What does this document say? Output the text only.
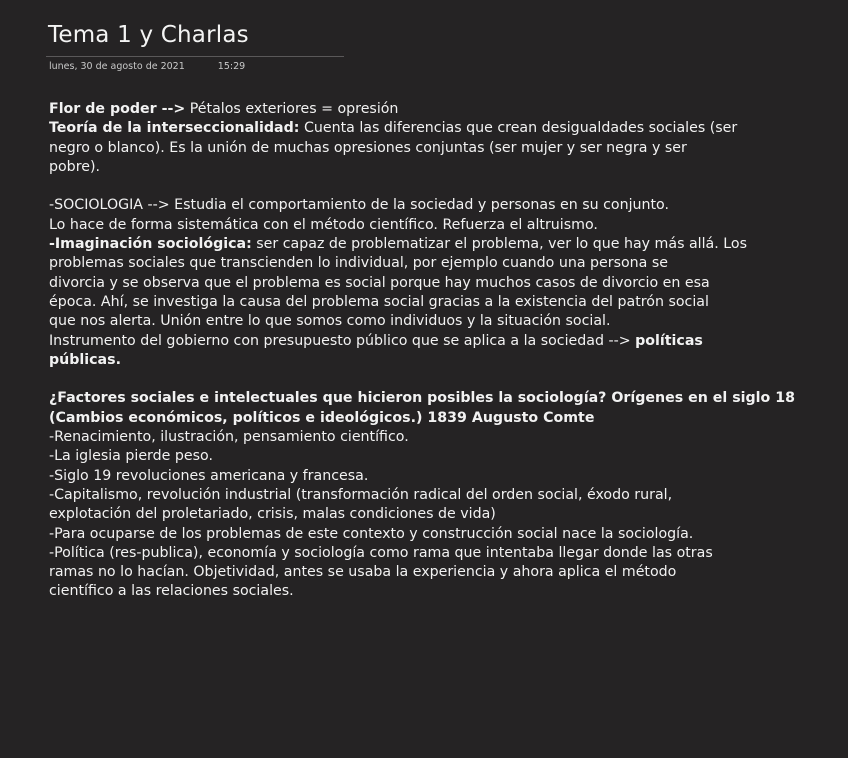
Tema 1 y Charlas
lunes, 30 de agosto de 2021	15:29
Flor de poder --> Pétalos exteriores = opresión
Teoría de la interseccionalidad: Cuenta las diferencias que crean desigualdades sociales (ser
negro o blanco). Es la unión de muchas opresiones conjuntas (ser mujer y ser negra y ser
pobre).
-SOCIOLOGIA --> Estudia el comportamiento de la sociedad y personas en su conjunto.
Lo hace de forma sistemática con el método científico. Refuerza el altruismo.
-Imaginación sociológica: ser capaz de problematizar el problema, ver lo que hay más allá. Los
problemas sociales que transcienden lo individual, por ejemplo cuando una persona se
divorcia y se observa que el problema es social porque hay muchos casos de divorcio en esa
época. Ahí, se investiga la causa del problema social gracias a la existencia del patrón social
que nos alerta. Unión entre lo que somos como individuos y la situación social.
Instrumento del gobierno con presupuesto público que se aplica a la sociedad --> políticas
públicas.
¿Factores sociales e intelectuales que hicieron posibles la sociología? Orígenes en el siglo 18
(Cambios económicos, políticos e ideológicos.) 1839 Augusto Comte
-Renacimiento, ilustración, pensamiento científico.
-La iglesia pierde peso.
-Siglo 19 revoluciones americana y francesa.
-Capitalismo, revolución industrial (transformación radical del orden social, éxodo rural,
explotación del proletariado, crisis, malas condiciones de vida)
-Para ocuparse de los problemas de este contexto y construcción social nace la sociología.
-Política (res-publica), economía y sociología como rama que intentaba llegar donde las otras
ramas no lo hacían. Objetividad, antes se usaba la experiencia y ahora aplica el método
científico a las relaciones sociales.
